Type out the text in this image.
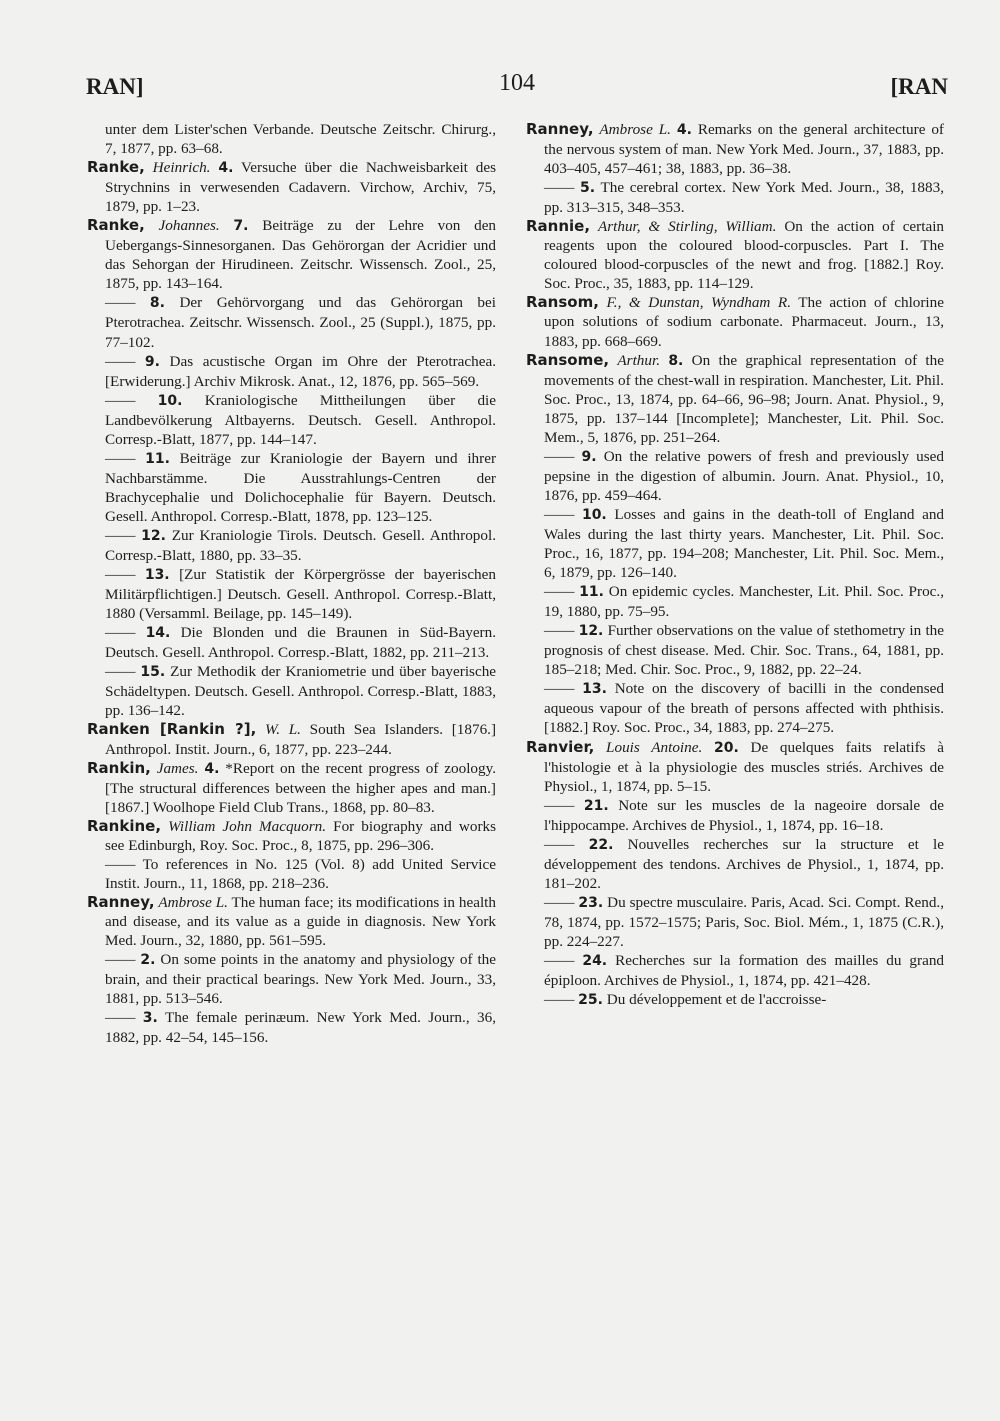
RAN]	104	[RAN

unter dem Lister'schen Verbande. Deutsche Zeitschr. Chirurg., 7, 1877, pp. 63–68.

Ranke, Heinrich. 4. Versuche über die Nachweisbarkeit des Strychnins in verwesenden Cadavern. Virchow, Archiv, 75, 1879, pp. 1–23.

Ranke, Johannes. 7. Beiträge zu der Lehre von den Uebergangs-Sinnesorganen. Das Gehörorgan der Acridier und das Sehorgan der Hirudineen. Zeitschr. Wissensch. Zool., 25, 1875, pp. 143–164.

—— 8. Der Gehörvorgang und das Gehörorgan bei Pterotrachea. Zeitschr. Wissensch. Zool., 25 (Suppl.), 1875, pp. 77–102.

—— 9. Das acustische Organ im Ohre der Pterotrachea. [Erwiderung.] Archiv Mikrosk. Anat., 12, 1876, pp. 565–569.

—— 10. Kraniologische Mittheilungen über die Landbevölkerung Altbayerns. Deutsch. Gesell. Anthropol. Corresp.-Blatt, 1877, pp. 144–147.

—— 11. Beiträge zur Kraniologie der Bayern und ihrer Nachbarstämme. Die Ausstrahlungs-Centren der Brachycephalie und Dolichocephalie für Bayern. Deutsch. Gesell. Anthropol. Corresp.-Blatt, 1878, pp. 123–125.

—— 12. Zur Kraniologie Tirols. Deutsch. Gesell. Anthropol. Corresp.-Blatt, 1880, pp. 33–35.

—— 13. [Zur Statistik der Körpergrösse der bayerischen Militärpflichtigen.] Deutsch. Gesell. Anthropol. Corresp.-Blatt, 1880 (Versamml. Beilage, pp. 145–149).

—— 14. Die Blonden und die Braunen in Süd-Bayern. Deutsch. Gesell. Anthropol. Corresp.-Blatt, 1882, pp. 211–213.

—— 15. Zur Methodik der Kraniometrie und über bayerische Schädeltypen. Deutsch. Gesell. Anthropol. Corresp.-Blatt, 1883, pp. 136–142.

Ranken [Rankin ?], W. L. South Sea Islanders. [1876.] Anthropol. Instit. Journ., 6, 1877, pp. 223–244.

Rankin, James. 4. *Report on the recent progress of zoology. [The structural differences between the higher apes and man.] [1867.] Woolhope Field Club Trans., 1868, pp. 80–83.

Rankine, William John Macquorn. For biography and works see Edinburgh, Roy. Soc. Proc., 8, 1875, pp. 296–306.

—— To references in No. 125 (Vol. 8) add United Service Instit. Journ., 11, 1868, pp. 218–236.

Ranney, Ambrose L. The human face; its modifications in health and disease, and its value as a guide in diagnosis. New York Med. Journ., 32, 1880, pp. 561–595.

—— 2. On some points in the anatomy and physiology of the brain, and their practical bearings. New York Med. Journ., 33, 1881, pp. 513–546.

—— 3. The female perinæum. New York Med. Journ., 36, 1882, pp. 42–54, 145–156.

Ranney, Ambrose L. 4. Remarks on the general architecture of the nervous system of man. New York Med. Journ., 37, 1883, pp. 403–405, 457–461; 38, 1883, pp. 36–38.

—— 5. The cerebral cortex. New York Med. Journ., 38, 1883, pp. 313–315, 348–353.

Rannie, Arthur, & Stirling, William. On the action of certain reagents upon the coloured blood-corpuscles. Part I. The coloured blood-corpuscles of the newt and frog. [1882.] Roy. Soc. Proc., 35, 1883, pp. 114–129.

Ransom, F., & Dunstan, Wyndham R. The action of chlorine upon solutions of sodium carbonate. Pharmaceut. Journ., 13, 1883, pp. 668–669.

Ransome, Arthur. 8. On the graphical representation of the movements of the chest-wall in respiration. Manchester, Lit. Phil. Soc. Proc., 13, 1874, pp. 64–66, 96–98; Journ. Anat. Physiol., 9, 1875, pp. 137–144 [Incomplete]; Manchester, Lit. Phil. Soc. Mem., 5, 1876, pp. 251–264.

—— 9. On the relative powers of fresh and previously used pepsine in the digestion of albumin. Journ. Anat. Physiol., 10, 1876, pp. 459–464.

—— 10. Losses and gains in the death-toll of England and Wales during the last thirty years. Manchester, Lit. Phil. Soc. Proc., 16, 1877, pp. 194–208; Manchester, Lit. Phil. Soc. Mem., 6, 1879, pp. 126–140.

—— 11. On epidemic cycles. Manchester, Lit. Phil. Soc. Proc., 19, 1880, pp. 75–95.

—— 12. Further observations on the value of stethometry in the prognosis of chest disease. Med. Chir. Soc. Trans., 64, 1881, pp. 185–218; Med. Chir. Soc. Proc., 9, 1882, pp. 22–24.

—— 13. Note on the discovery of bacilli in the condensed aqueous vapour of the breath of persons affected with phthisis. [1882.] Roy. Soc. Proc., 34, 1883, pp. 274–275.

Ranvier, Louis Antoine. 20. De quelques faits relatifs à l'histologie et à la physiologie des muscles striés. Archives de Physiol., 1, 1874, pp. 5–15.

—— 21. Note sur les muscles de la nageoire dorsale de l'hippocampe. Archives de Physiol., 1, 1874, pp. 16–18.

—— 22. Nouvelles recherches sur la structure et le développement des tendons. Archives de Physiol., 1, 1874, pp. 181–202.

—— 23. Du spectre musculaire. Paris, Acad. Sci. Compt. Rend., 78, 1874, pp. 1572–1575; Paris, Soc. Biol. Mém., 1, 1875 (C.R.), pp. 224–227.

—— 24. Recherches sur la formation des mailles du grand épiploon. Archives de Physiol., 1, 1874, pp. 421–428.

—— 25. Du développement et de l'accroisse-
